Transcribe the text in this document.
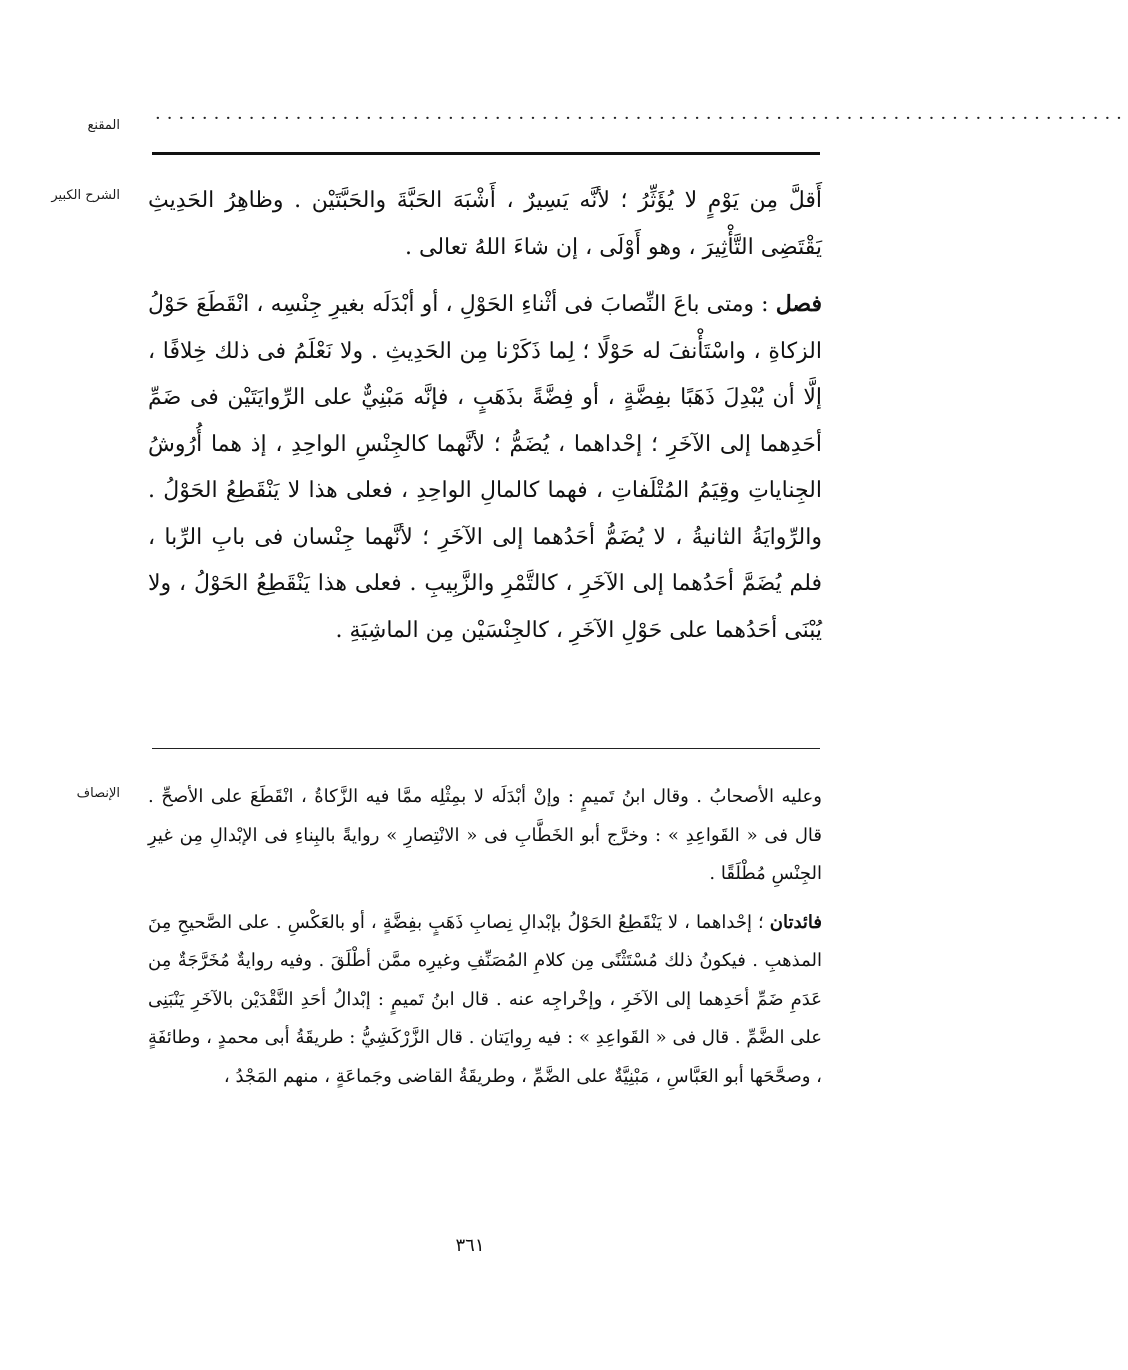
المقنع ···················································································
الشرح الكبير أَقلَّ مِن يَوْمٍ لا يُؤَثِّرُ ؛ لأنَّه يَسِيرٌ ، أَشْبَهَ الحَبَّةَ والحَبَّتَيْن . وظاهِرُ الحَدِيثِ يَقْتَضِى التَّأْثِيرَ ، وهو أَوْلَى ، إن شاءَ اللهُ تعالى .

فصل : ومتى باعَ النِّصابَ فى أثْناءِ الحَوْلِ ، أو أبْدَلَه بغيرِ جِنْسِه ، انْقَطَعَ حَوْلُ الزكاةِ ، واسْتَأْنفَ له حَوْلًا ؛ لِما ذَكَرْنا مِن الحَدِيثِ . ولا نَعْلَمُ فى ذلك خِلافًا ، إلَّا أن يُبْدِلَ ذَهَبًا بفِضَّةٍ ، أو فِضَّةً بذَهَبٍ ، فإنَّه مَبْنِيٌّ على الرِّوايَتَيْن فى ضَمِّ أحَدِهما إلى الآخَرِ ؛ إحْداهما ، يُضَمُّ ؛ لأنَّهما كالجِنْسِ الواحِدِ ، إذ هما أُرُوشُ الجِناياتِ وقِيَمُ المُتْلَفاتِ ، فهما كالمالِ الواحِدِ ، فعلى هذا لا يَنْقَطِعُ الحَوْلُ . والرِّوايَةُ الثانيةُ ، لا يُضَمُّ أحَدُهما إلى الآخَرِ ؛ لأنَّهما جِنْسان فى بابِ الرِّبا ، فلم يُضَمَّ أحَدُهما إلى الآخَرِ ، كالتَّمْرِ والزَّبِيبِ . فعلى هذا يَنْقَطِعُ الحَوْلُ ، ولا يُبْنَى أحَدُهما على حَوْلِ الآخَرِ ، كالجِنْسَيْن مِن الماشِيَةِ .

الإنصاف وعليه الأصحابُ . وقال ابنُ تَميمٍ : وإنْ أبْدَلَه لا بمِثْلِه ممَّا فيه الزَّكاةُ ، انْقَطَعَ على الأصحِّ . قال فى « القَواعِدِ » : وخرَّج أبو الخَطَّابِ فى « الانْتِصارِ » روايةً بالبِناءِ فى الإبْدالِ مِن غيرِ الجِنْسِ مُطْلَقًا .

فائدتان ؛ إحْداهما ، لا يَنْقَطِعُ الحَوْلُ بإبْدالِ نِصابِ ذَهَبٍ بفِضَّةٍ ، أو بالعَكْسِ . على الصَّحيحِ مِنَ المذهبِ . فيكونُ ذلك مُسْتَثْنًى مِن كلامِ المُصَنِّفِ وغيرِه ممَّن أطْلَقَ . وفيه روايةٌ مُخَرَّجَةٌ مِن عَدَمِ ضَمِّ أحَدِهما إلى الآخَرِ ، وإخْراجِه عنه . قال ابنُ تَميمٍ : إبْدالُ أحَدِ النَّقْدَيْن بالآخَرِ يَنْبَنِى على الضَّمِّ . قال فى « القَواعِدِ » : فيه رِوايَتان . قال الزَّرْكَشِيُّ : طريقَةُ أبى محمدٍ ، وطائفَةٍ ، وصحَّحَها أبو العَبَّاسِ ، مَبْنِيَّةٌ على الضَّمِّ ، وطريقَةُ القاضى وجَماعَةٍ ، منهم المَجْدُ ،

٣٦١
